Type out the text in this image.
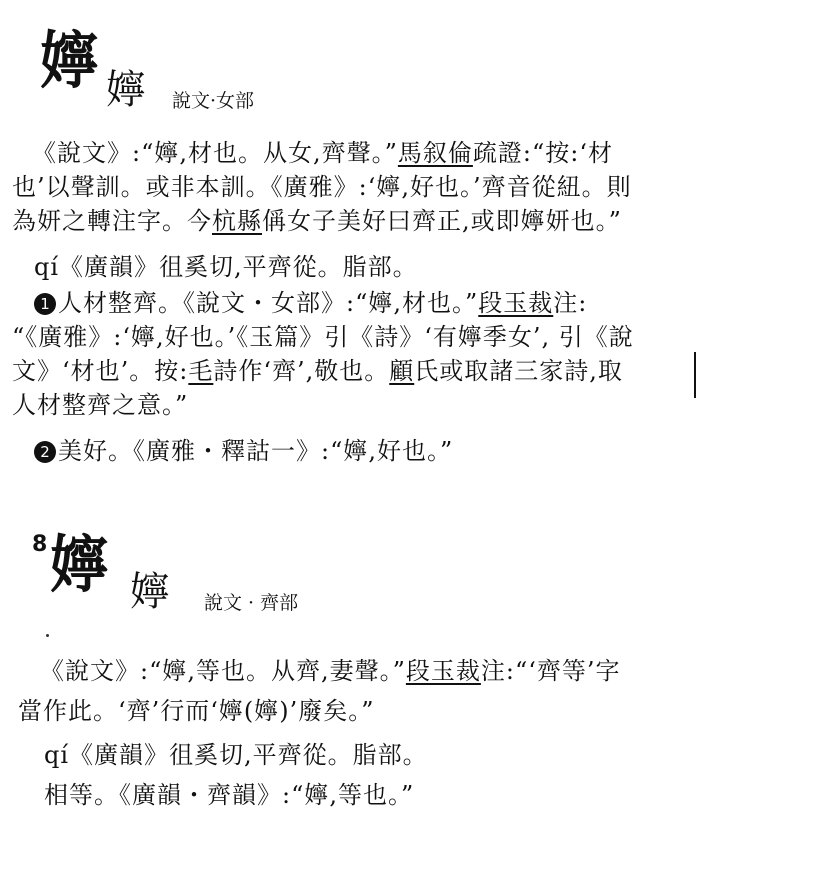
嬣 嬣 說文·女部
《說文》:“嬣,材也。从女,齊聲。”馬叙倫疏證:“按:‘材
也’以聲訓。或非本訓。《廣雅》:‘嬣,好也。’齊音從紐。則
為妍之轉注字。今杭縣偁女子美好曰齊正,或即嬣妍也。”
qí《廣韻》徂奚切,平齊從。脂部。
1 人材整齊。《說文・女部》:“嬣,材也。”段玉裁注:
“《廣雅》:‘嬣,好也。’《玉篇》引《詩》‘有嬣季女’, 引《說
文》‘材也’。按:毛詩作‘齊’,敬也。顧氏或取諸三家詩,取
人材整齊之意。”
2 美好。《廣雅・釋詁一》:“嬣,好也。”
8 嬣 嬣 說文 · 齊部
《說文》:“嬣,等也。从齊,妻聲。”段玉裁注:“‘齊等’字
當作此。‘齊’行而‘嬣(嬣)’廢矣。”
qí《廣韻》徂奚切,平齊從。脂部。
相等。《廣韻・齊韻》:“嬣,等也。”
